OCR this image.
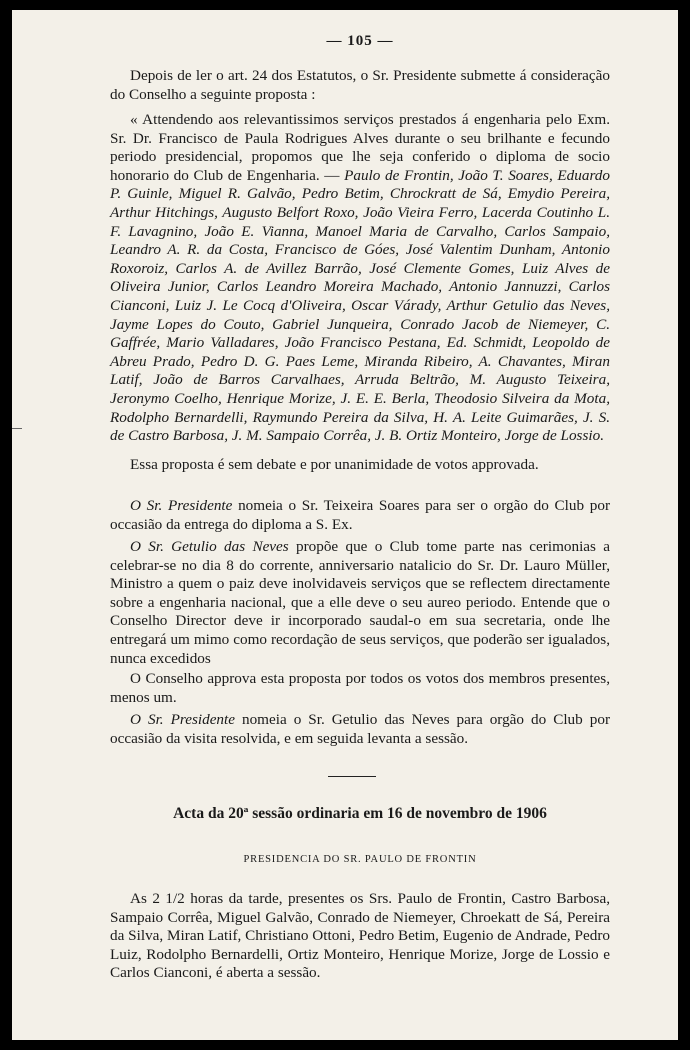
— 105 —

Depois de ler o art. 24 dos Estatutos, o Sr. Presidente submette á consideração do Conselho a seguinte proposta :

« Attendendo aos relevantissimos serviços prestados á engenharia pelo Exm. Sr. Dr. Francisco de Paula Rodrigues Alves durante o seu brilhante e fecundo periodo presidencial, propomos que lhe seja conferido o diploma de socio honorario do Club de Engenharia. — Paulo de Frontin, João T. Soares, Eduardo P. Guinle, Miguel R. Galvão, Pedro Betim, Chrockratt de Sá, Emydio Pereira, Arthur Hitchings, Augusto Belfort Roxo, João Vieira Ferro, Lacerda Coutinho L. F. Lavagnino, João E. Vianna, Manoel Maria de Carvalho, Carlos Sampaio, Leandro A. R. da Costa, Francisco de Góes, José Valentim Dunham, Antonio Roxoroiz, Carlos A. de Avillez Barrão, José Clemente Gomes, Luiz Alves de Oliveira Junior, Carlos Leandro Moreira Machado, Antonio Jannuzzi, Carlos Cianconi, Luiz J. Le Cocq d'Oliveira, Oscar Várady, Arthur Getulio das Neves, Jayme Lopes do Couto, Gabriel Junqueira, Conrado Jacob de Niemeyer, C. Gaffrée, Mario Valladares, João Francisco Pestana, Ed. Schmidt, Leopoldo de Abreu Prado, Pedro D. G. Paes Leme, Miranda Ribeiro, A. Chavantes, Miran Latif, João de Barros Carvalhaes, Arruda Beltrão, M. Augusto Teixeira, Jeronymo Coelho, Henrique Morize, J. E. E. Berla, Theodosio Silveira da Mota, Rodolpho Bernardelli, Raymundo Pereira da Silva, H. A. Leite Guimarães, J. S. de Castro Barbosa, J. M. Sampaio Corrêa, J. B. Ortiz Monteiro, Jorge de Lossio.

Essa proposta é sem debate e por unanimidade de votos approvada.

O Sr. Presidente nomeia o Sr. Teixeira Soares para ser o orgão do Club por occasião da entrega do diploma a S. Ex.

O Sr. Getulio das Neves propõe que o Club tome parte nas cerimonias a celebrar-se no dia 8 do corrente, anniversario natalicio do Sr. Dr. Lauro Müller, Ministro a quem o paiz deve inolvidaveis serviços que se reflectem directamente sobre a engenharia nacional, que a elle deve o seu aureo periodo. Entende que o Conselho Director deve ir incorporado saudal-o em sua secretaria, onde lhe entregará um mimo como recordação de seus serviços, que poderão ser igualados, nunca excedidos

O Conselho approva esta proposta por todos os votos dos membros presentes, menos um.

O Sr. Presidente nomeia o Sr. Getulio das Neves para orgão do Club por occasião da visita resolvida, e em seguida levanta a sessão.

Acta da 20ª sessão ordinaria em 16 de novembro de 1906
PRESIDENCIA DO SR. PAULO DE FRONTIN

As 2 1/2 horas da tarde, presentes os Srs. Paulo de Frontin, Castro Barbosa, Sampaio Corrêa, Miguel Galvão, Conrado de Niemeyer, Chroekatt de Sá, Pereira da Silva, Miran Latif, Christiano Ottoni, Pedro Betim, Eugenio de Andrade, Pedro Luiz, Rodolpho Bernardelli, Ortiz Monteiro, Henrique Morize, Jorge de Lossio e Carlos Cianconi, é aberta a sessão.
